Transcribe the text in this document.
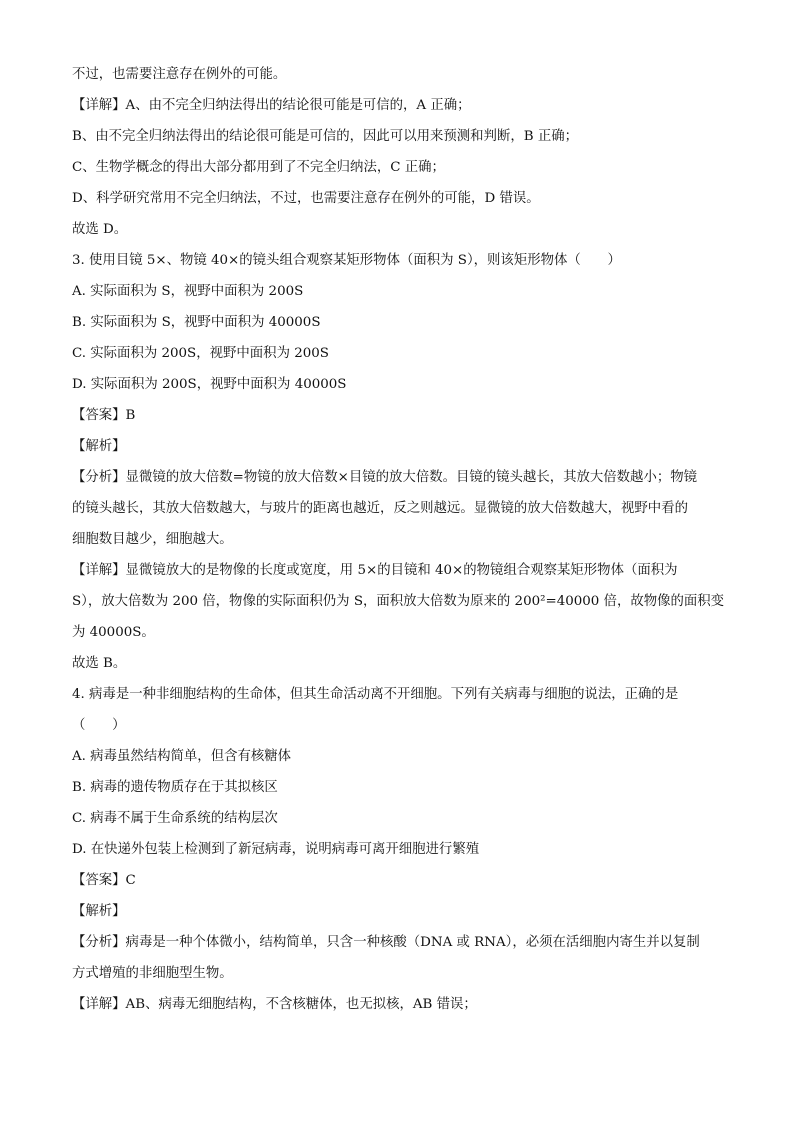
不过，也需要注意存在例外的可能。
【详解】A、由不完全归纳法得出的结论很可能是可信的，A 正确；
B、由不完全归纳法得出的结论很可能是可信的，因此可以用来预测和判断，B 正确；
C、生物学概念的得出大部分都用到了不完全归纳法，C 正确；
D、科学研究常用不完全归纳法，不过，也需要注意存在例外的可能，D 错误。
故选 D。
3. 使用目镜 5×、物镜 40×的镜头组合观察某矩形物体（面积为 S），则该矩形物体（　　）
A. 实际面积为 S，视野中面积为 200S
B. 实际面积为 S，视野中面积为 40000S
C. 实际面积为 200S，视野中面积为 200S
D. 实际面积为 200S，视野中面积为 40000S
【答案】B
【解析】
【分析】显微镜的放大倍数=物镜的放大倍数×目镜的放大倍数。目镜的镜头越长，其放大倍数越小；物镜
的镜头越长，其放大倍数越大，与玻片的距离也越近，反之则越远。显微镜的放大倍数越大，视野中看的
细胞数目越少，细胞越大。
【详解】显微镜放大的是物像的长度或宽度，用 5×的目镜和 40×的物镜组合观察某矩形物体（面积为
S），放大倍数为 200 倍，物像的实际面积仍为 S，面积放大倍数为原来的 200²=40000 倍，故物像的面积变
为 40000S。
故选 B。
4. 病毒是一种非细胞结构的生命体，但其生命活动离不开细胞。下列有关病毒与细胞的说法，正确的是
（　　）
A. 病毒虽然结构简单，但含有核糖体
B. 病毒的遗传物质存在于其拟核区
C. 病毒不属于生命系统的结构层次
D. 在快递外包装上检测到了新冠病毒，说明病毒可离开细胞进行繁殖
【答案】C
【解析】
【分析】病毒是一种个体微小，结构简单，只含一种核酸（DNA 或 RNA），必须在活细胞内寄生并以复制
方式增殖的非细胞型生物。
【详解】AB、病毒无细胞结构，不含核糖体，也无拟核，AB 错误；
